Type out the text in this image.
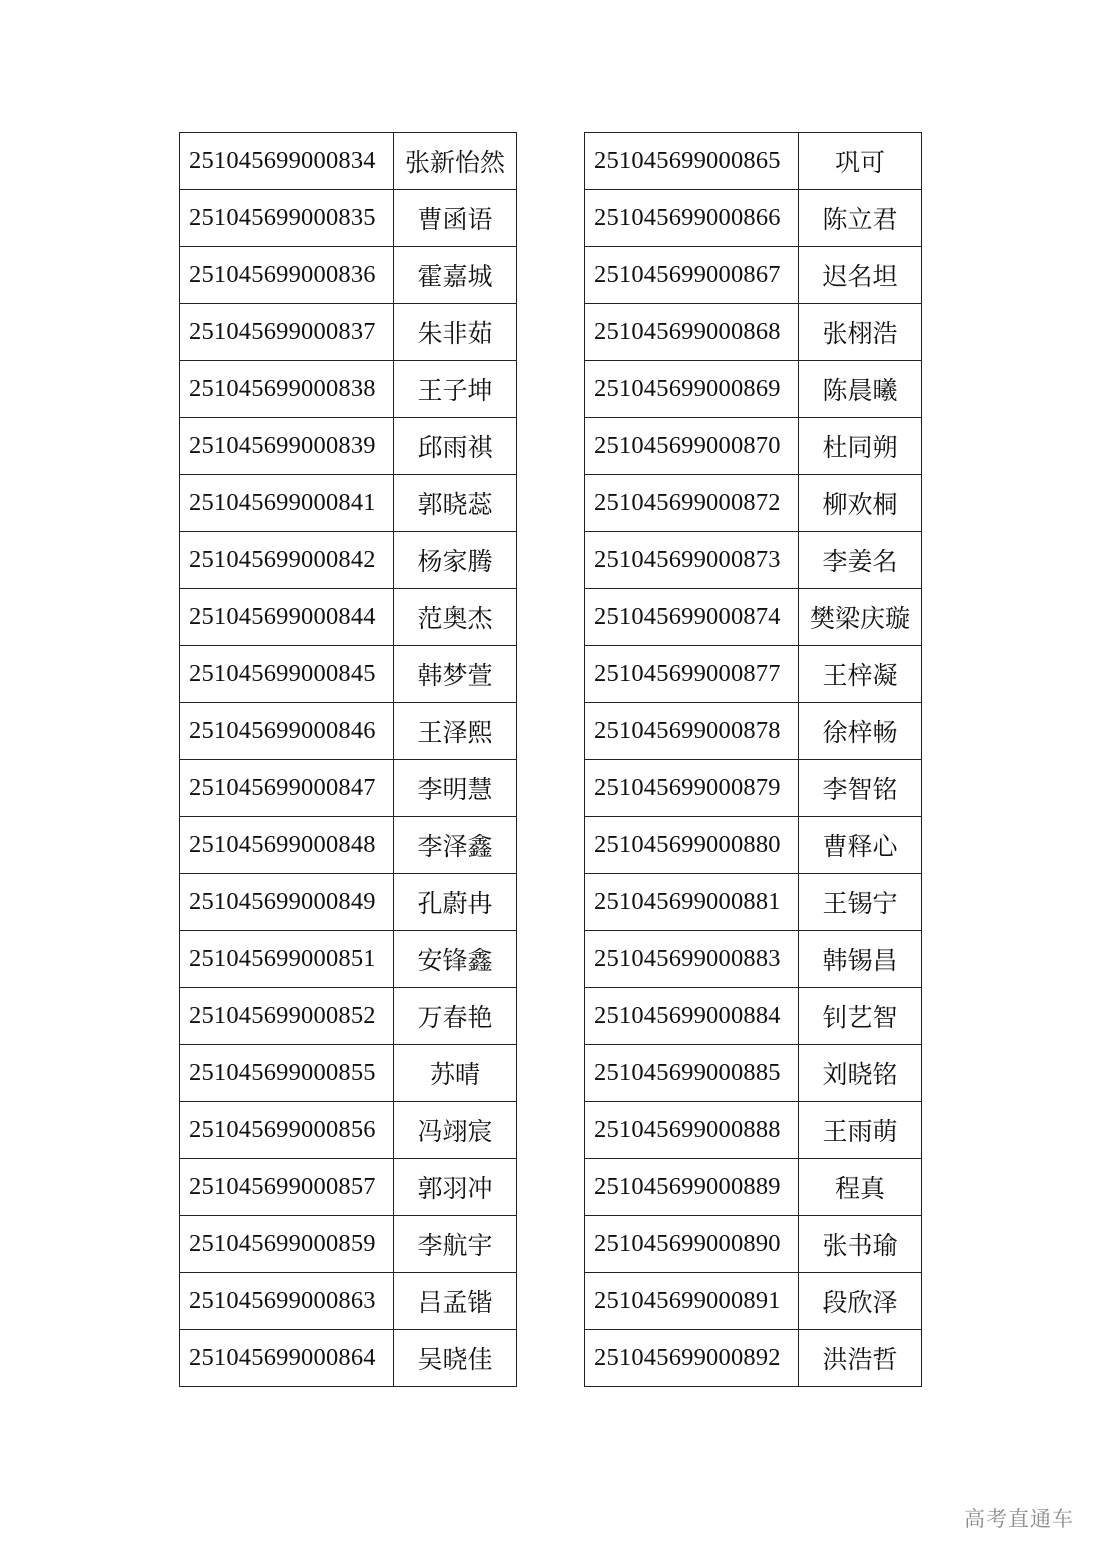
251045699000834	张新怡然
251045699000835	曹函语
251045699000836	霍嘉城
251045699000837	朱非茹
251045699000838	王子坤
251045699000839	邱雨祺
251045699000841	郭晓蕊
251045699000842	杨家腾
251045699000844	范奥杰
251045699000845	韩梦萱
251045699000846	王泽熙
251045699000847	李明慧
251045699000848	李泽鑫
251045699000849	孔蔚冉
251045699000851	安锋鑫
251045699000852	万春艳
251045699000855	苏晴
251045699000856	冯翊宸
251045699000857	郭羽冲
251045699000859	李航宇
251045699000863	吕孟锴
251045699000864	吴晓佳
251045699000865	巩可
251045699000866	陈立君
251045699000867	迟名坦
251045699000868	张栩浩
251045699000869	陈晨曦
251045699000870	杜同朔
251045699000872	柳欢桐
251045699000873	李姜名
251045699000874	樊梁庆璇
251045699000877	王梓凝
251045699000878	徐梓畅
251045699000879	李智铭
251045699000880	曹释心
251045699000881	王锡宁
251045699000883	韩锡昌
251045699000884	钊艺智
251045699000885	刘晓铭
251045699000888	王雨萌
251045699000889	程真
251045699000890	张书瑜
251045699000891	段欣泽
251045699000892	洪浩哲
高考直通车
